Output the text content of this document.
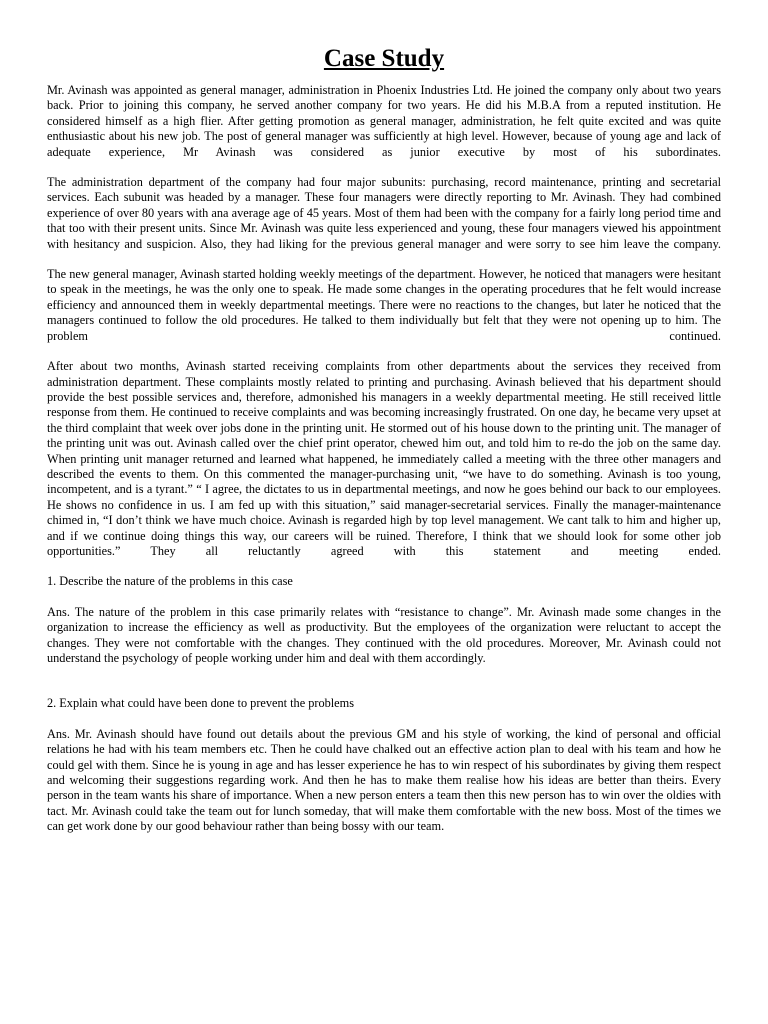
Case Study

Mr. Avinash was appointed as general manager, administration in Phoenix Industries Ltd. He joined the company only about two years back. Prior to joining this company, he served another company for two years. He did his M.B.A from a reputed institution. He considered himself as a high flier. After getting promotion as general manager, administration, he felt quite excited and was quite enthusiastic about his new job. The post of general manager was sufficiently at high level. However, because of young age and lack of adequate experience, Mr Avinash was considered as junior executive by most of his subordinates.

The administration department of the company had four major subunits: purchasing, record maintenance, printing and secretarial services. Each subunit was headed by a manager. These four managers were directly reporting to Mr. Avinash. They had combined experience of over 80 years with ana average age of 45 years. Most of them had been with the company for a fairly long period time and that too with their present units. Since Mr. Avinash was quite less experienced and young, these four managers viewed his appointment with hesitancy and suspicion. Also, they had liking for the previous general manager and were sorry to see him leave the company.

The new general manager, Avinash started holding weekly meetings of the department. However, he noticed that managers were hesitant to speak in the meetings, he was the only one to speak. He made some changes in the operating procedures that he felt would increase efficiency and announced them in weekly departmental meetings. There were no reactions to the changes, but later he noticed that the managers continued to follow the old procedures. He talked to them individually but felt that they were not opening up to him. The problem continued.

After about two months, Avinash started receiving complaints from other departments about the services they received from administration department. These complaints mostly related to printing and purchasing. Avinash believed that his department should provide the best possible services and, therefore, admonished his managers in a weekly departmental meeting. He still received little response from them. He continued to receive complaints and was becoming increasingly frustrated. On one day, he became very upset at the third complaint that week over jobs done in the printing unit. He stormed out of his house down to the printing unit. The manager of the printing unit was out. Avinash called over the chief print operator, chewed him out, and told him to re-do the job on the same day. When printing unit manager returned and learned what happened, he immediately called a meeting with the three other managers and described the events to them. On this commented the manager-purchasing unit, “we have to do something. Avinash is too young, incompetent, and is a tyrant.” “ I agree, the dictates to us in departmental meetings, and now he goes behind our back to our employees. He shows no confidence in us. I am fed up with this situation,” said manager-secretarial services. Finally the manager-maintenance chimed in, “I don’t think we have much choice. Avinash is regarded high by top level management. We cant talk to him and higher up, and if we continue doing things this way, our careers will be ruined. Therefore, I think that we should look for some other job opportunities.” They all reluctantly agreed with this statement and meeting ended.

1. Describe the nature of the problems in this case

Ans. The nature of the problem in this case primarily relates with “resistance to change”. Mr. Avinash made some changes in the organization to increase the efficiency as well as productivity. But the employees of the organization were reluctant to accept the changes. They were not comfortable with the changes. They continued with the old procedures. Moreover, Mr. Avinash could not understand the psychology of people working under him and deal with them accordingly.

2. Explain what could have been done to prevent the problems

Ans. Mr. Avinash should have found out details about the previous GM and his style of working, the kind of personal and official relations he had with his team members etc. Then he could have chalked out an effective action plan to deal with his team and how he could gel with them. Since he is young in age and has lesser experience he has to win respect of his subordinates by giving them respect and welcoming their suggestions regarding work. And then he has to make them realise how his ideas are better than theirs. Every person in the team wants his share of importance. When a new person enters a team then this new person has to win over the oldies with tact. Mr. Avinash could take the team out for lunch someday, that will make them comfortable with the new boss. Most of the times we can get work done by our good behaviour rather than being bossy with our team.
